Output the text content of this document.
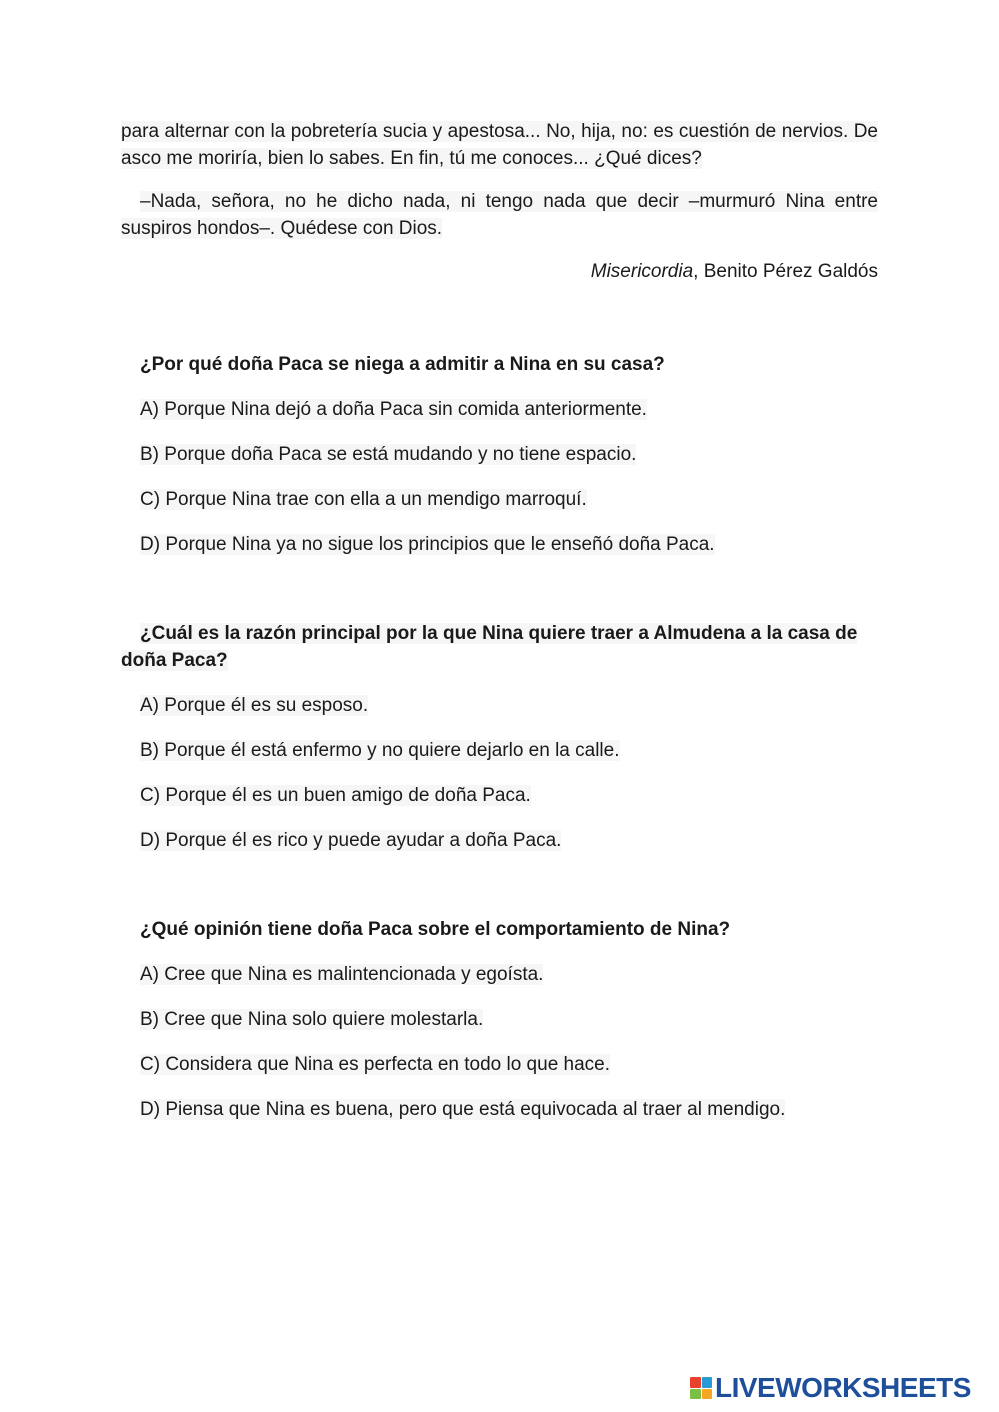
para alternar con la pobretería sucia y apestosa... No, hija, no: es cuestión de nervios. De asco me moriría, bien lo sabes. En fin, tú me conoces... ¿Qué dices?

–Nada, señora, no he dicho nada, ni tengo nada que decir –murmuró Nina entre suspiros hondos–. Quédese con Dios.

Misericordia, Benito Pérez Galdós

¿Por qué doña Paca se niega a admitir a Nina en su casa?

A) Porque Nina dejó a doña Paca sin comida anteriormente.

B) Porque doña Paca se está mudando y no tiene espacio.

C) Porque Nina trae con ella a un mendigo marroquí.

D) Porque Nina ya no sigue los principios que le enseñó doña Paca.

¿Cuál es la razón principal por la que Nina quiere traer a Almudena a la casa de doña Paca?

A) Porque él es su esposo.

B) Porque él está enfermo y no quiere dejarlo en la calle.

C) Porque él es un buen amigo de doña Paca.

D) Porque él es rico y puede ayudar a doña Paca.

¿Qué opinión tiene doña Paca sobre el comportamiento de Nina?

A) Cree que Nina es malintencionada y egoísta.

B) Cree que Nina solo quiere molestarla.

C) Considera que Nina es perfecta en todo lo que hace.

D) Piensa que Nina es buena, pero que está equivocada al traer al mendigo.

LIVEWORKSHEETS
